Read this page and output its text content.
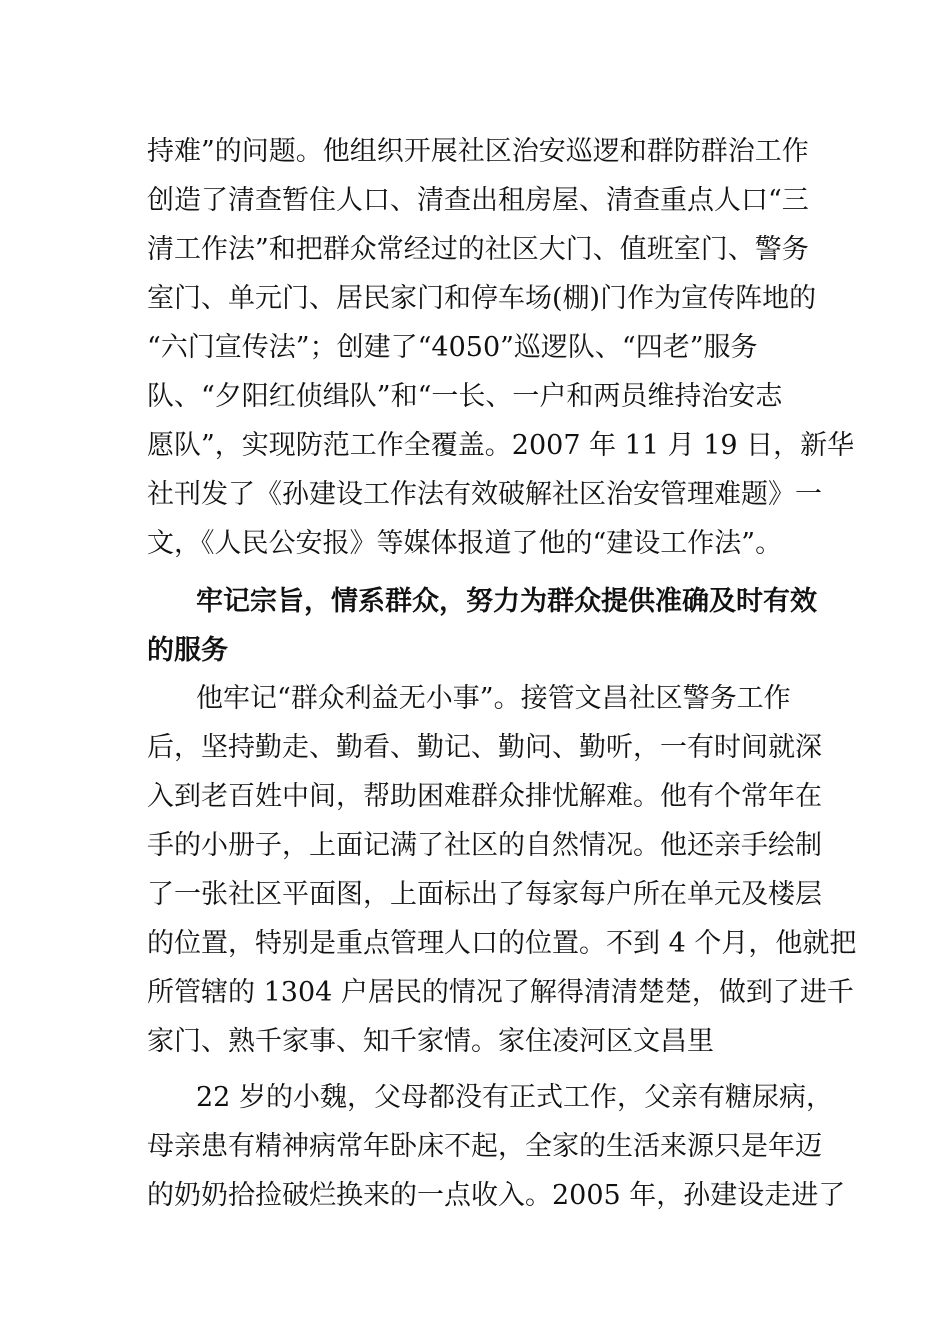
持难”的问题。他组织开展社区治安巡逻和群防群治工作
创造了清查暂住人口、清查出租房屋、清查重点人口“三
清工作法”和把群众常经过的社区大门、值班室门、警务
室门、单元门、居民家门和停车场(棚)门作为宣传阵地的
“六门宣传法”；创建了“4050”巡逻队、“四老”服务
队、“夕阳红侦缉队”和“一长、一户和两员维持治安志
愿队”，实现防范工作全覆盖。2007 年 11 月 19 日，新华
社刊发了《孙建设工作法有效破解社区治安管理难题》一
文，《人民公安报》等媒体报道了他的“建设工作法”。
牢记宗旨，情系群众，努力为群众提供准确及时有效
的服务
他牢记“群众利益无小事”。接管文昌社区警务工作
后，坚持勤走、勤看、勤记、勤问、勤听，一有时间就深
入到老百姓中间，帮助困难群众排忧解难。他有个常年在
手的小册子，上面记满了社区的自然情况。他还亲手绘制
了一张社区平面图，上面标出了每家每户所在单元及楼层
的位置，特别是重点管理人口的位置。不到 4 个月，他就把
所管辖的 1304 户居民的情况了解得清清楚楚，做到了进千
家门、熟千家事、知千家情。家住凌河区文昌里
22 岁的小魏，父母都没有正式工作，父亲有糖尿病，
母亲患有精神病常年卧床不起，全家的生活来源只是年迈
的奶奶拾捡破烂换来的一点收入。2005 年，孙建设走进了
